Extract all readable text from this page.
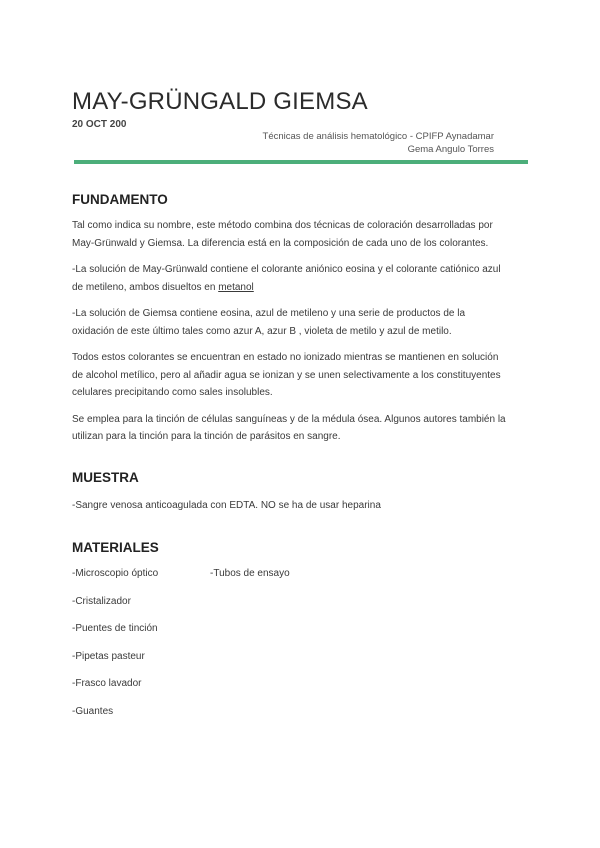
MAY-GRÜNGALD GIEMSA
20 OCT 200
Técnicas de análisis hematológico - CPIFP Aynadamar
Gema Angulo Torres
FUNDAMENTO

Tal como indica su nombre, este método combina dos técnicas de coloración desarrolladas por May-Grünwald y Giemsa. La diferencia está en la composición de cada uno de los colorantes.

-La solución de May-Grünwald contiene el colorante aniónico eosina y el colorante catiónico azul de metileno, ambos disueltos en metanol

-La solución de Giemsa contiene eosina, azul de metileno y una serie de productos de la oxidación de este último tales como azur A, azur B , violeta de metilo y azul de metilo.

Todos estos colorantes se encuentran en estado no ionizado mientras se mantienen en solución de alcohol metílico, pero al añadir agua se ionizan y se unen selectivamente a los constituyentes celulares precipitando como sales insolubles.

Se emplea para la tinción de células sanguíneas y de la médula ósea. Algunos autores también la utilizan para la tinción para la tinción de parásitos en sangre.

MUESTRA

-Sangre venosa anticoagulada con EDTA. NO se ha de usar heparina

MATERIALES
-Microscopio óptico	-Tubos de ensayo
-Cristalizador
-Puentes de tinción
-Pipetas pasteur
-Frasco lavador
-Guantes
